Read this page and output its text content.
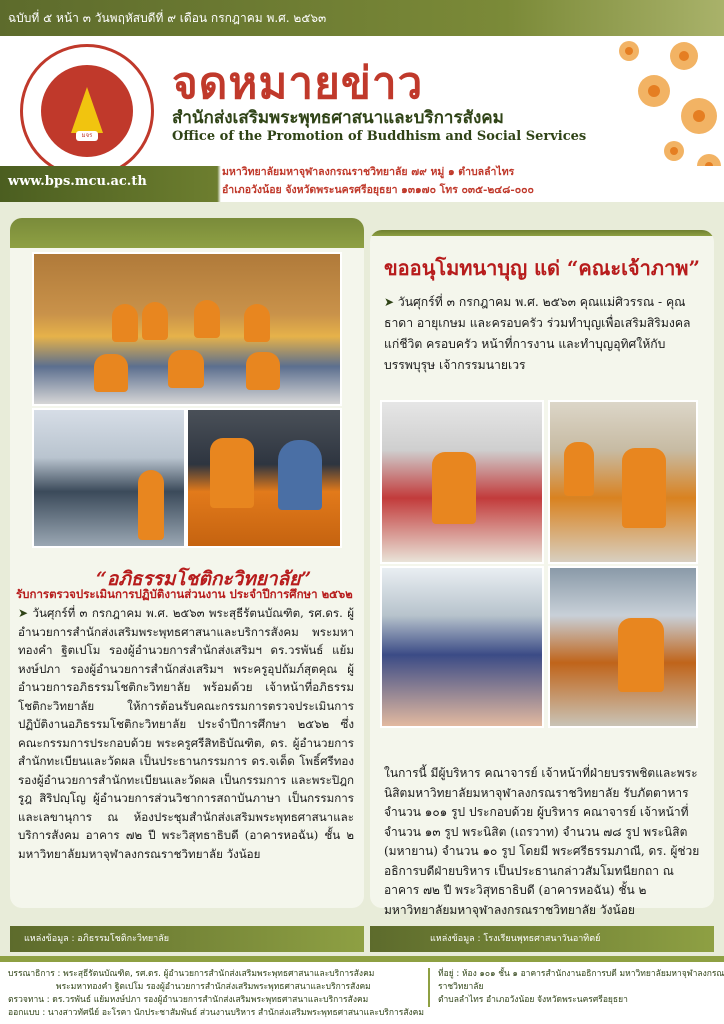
ฉบับที่ ๕ หน้า ๓ วันพฤหัสบดีที่ ๙ เดือน กรกฎาคม พ.ศ. ๒๕๖๓
มจร
จดหมายข่าว
สำนักส่งเสริมพระพุทธศาสนาและบริการสังคม
Office of the Promotion of Buddhism and Social Services
www.bps.mcu.ac.th
มหาวิทยาลัยมหาจุฬาลงกรณราชวิทยาลัย ๗๙ หมู่ ๑ ตำบลลำไทร
อำเภอวังน้อย จังหวัดพระนครศรีอยุธยา ๑๓๑๗๐ โทร ๐๓๕-๒๔๘-๐๐๐
“อภิธรรมโชติกะวิทยาลัย”
รับการตรวจประเมินการปฏิบัติงานส่วนงาน ประจำปีการศึกษา ๒๕๖๒
➤ วันศุกร์ที่ ๓ กรกฎาคม พ.ศ. ๒๕๖๓ พระสุธีรัตนบัณฑิต, รศ.ดร. ผู้อำนวยการสำนักส่งเสริมพระพุทธศาสนาและบริการสังคม พระมหาทองคำ ฐิตเปโม รองผู้อำนวยการสำนักส่งเสริมฯ ดร.วรพันธ์ แย้มหงษ์ปภา รองผู้อำนวยการสำนักส่งเสริมฯ พระครูอุปถัมภ์สุตคุณ ผู้อำนวยการอภิธรรมโชติกะวิทยาลัย พร้อมด้วย เจ้าหน้าที่อภิธรรมโชติกะวิทยาลัย ให้การต้อนรับคณะกรรมการตรวจประเมินการปฏิบัติงานอภิธรรมโชติกะวิทยาลัย ประจำปีการศึกษา ๒๕๖๒ ซึ่งคณะกรรมการประกอบด้วย พระครูศรีสิทธิบัณฑิต, ดร. ผู้อำนวยการสำนักทะเบียนและวัดผล เป็นประธานกรรมการ ดร.จเด็ด โพธิ์ศรีทอง รองผู้อำนวยการสำนักทะเบียนและวัดผล เป็นกรรมการ และพระปิฎกรูฎ สิริปญฺโญ ผู้อำนวยการส่วนวิชาการสถาบันภาษา เป็นกรรมการและเลขานุการ ณ ห้องประชุมสำนักส่งเสริมพระพุทธศาสนาและบริการสังคม อาคาร ๗๒ ปี พระวิสุทธาธิบดี (อาคารหอฉัน) ชั้น ๒ มหาวิทยาลัยมหาจุฬาลงกรณราชวิทยาลัย วังน้อย
แหล่งข้อมูล : อภิธรรมโชติกะวิทยาลัย
ขออนุโมทนาบุญ แด่ “คณะเจ้าภาพ”
➤ วันศุกร์ที่ ๓ กรกฎาคม พ.ศ. ๒๕๖๓ คุณแม่ศิวรรณ - คุณธาดา อายุเกษม และครอบครัว ร่วมทำบุญเพื่อเสริมสิริมงคลแก่ชีวิต ครอบครัว หน้าที่การงาน และทำบุญอุทิศให้กับบรรพบุรุษ เจ้ากรรมนายเวร
ในการนี้ มีผู้บริหาร คณาจารย์ เจ้าหน้าที่ฝ่ายบรรพชิตและพระนิสิตมหาวิทยาลัยมหาจุฬาลงกรณราชวิทยาลัย รับภัตตาหาร จำนวน ๑๐๑ รูป ประกอบด้วย ผู้บริหาร คณาจารย์ เจ้าหน้าที่ จำนวน ๑๓ รูป พระนิสิต (เถรวาท) จำนวน ๗๘ รูป พระนิสิต (มหายาน) จำนวน ๑๐ รูป โดยมี พระศรีธรรมภาณี, ดร. ผู้ช่วยอธิการบดีฝ่ายบริหาร เป็นประธานกล่าวสัมโมทนียกถา ณ อาคาร ๗๒ ปี พระวิสุทธาธิบดี (อาคารหอฉัน) ชั้น ๒ มหาวิทยาลัยมหาจุฬาลงกรณราชวิทยาลัย วังน้อย
แหล่งข้อมูล : โรงเรียนพุทธศาสนาวันอาทิตย์
บรรณาธิการ : พระสุธีรัตนบัณฑิต, รศ.ดร. ผู้อำนวยการสำนักส่งเสริมพระพุทธศาสนาและบริการสังคม
พระมหาทองคำ ฐิตเปโม รองผู้อำนวยการสำนักส่งเสริมพระพุทธศาสนาและบริการสังคม
ตรวจทาน : ดร.วรพันธ์ แย้มหงษ์ปภา รองผู้อำนวยการสำนักส่งเสริมพระพุทธศาสนาและบริการสังคม
ออกแบบ : นางสาวทัศนีย์ อะโรคา นักประชาสัมพันธ์ ส่วนงานบริหาร สำนักส่งเสริมพระพุทธศาสนาและบริการสังคม
ที่อยู่ : ห้อง ๑๐๑ ชั้น ๑ อาคารสำนักงานอธิการบดี มหาวิทยาลัยมหาจุฬาลงกรณราชวิทยาลัย
ตำบลลำไทร อำเภอวังน้อย จังหวัดพระนครศรีอยุธยา
